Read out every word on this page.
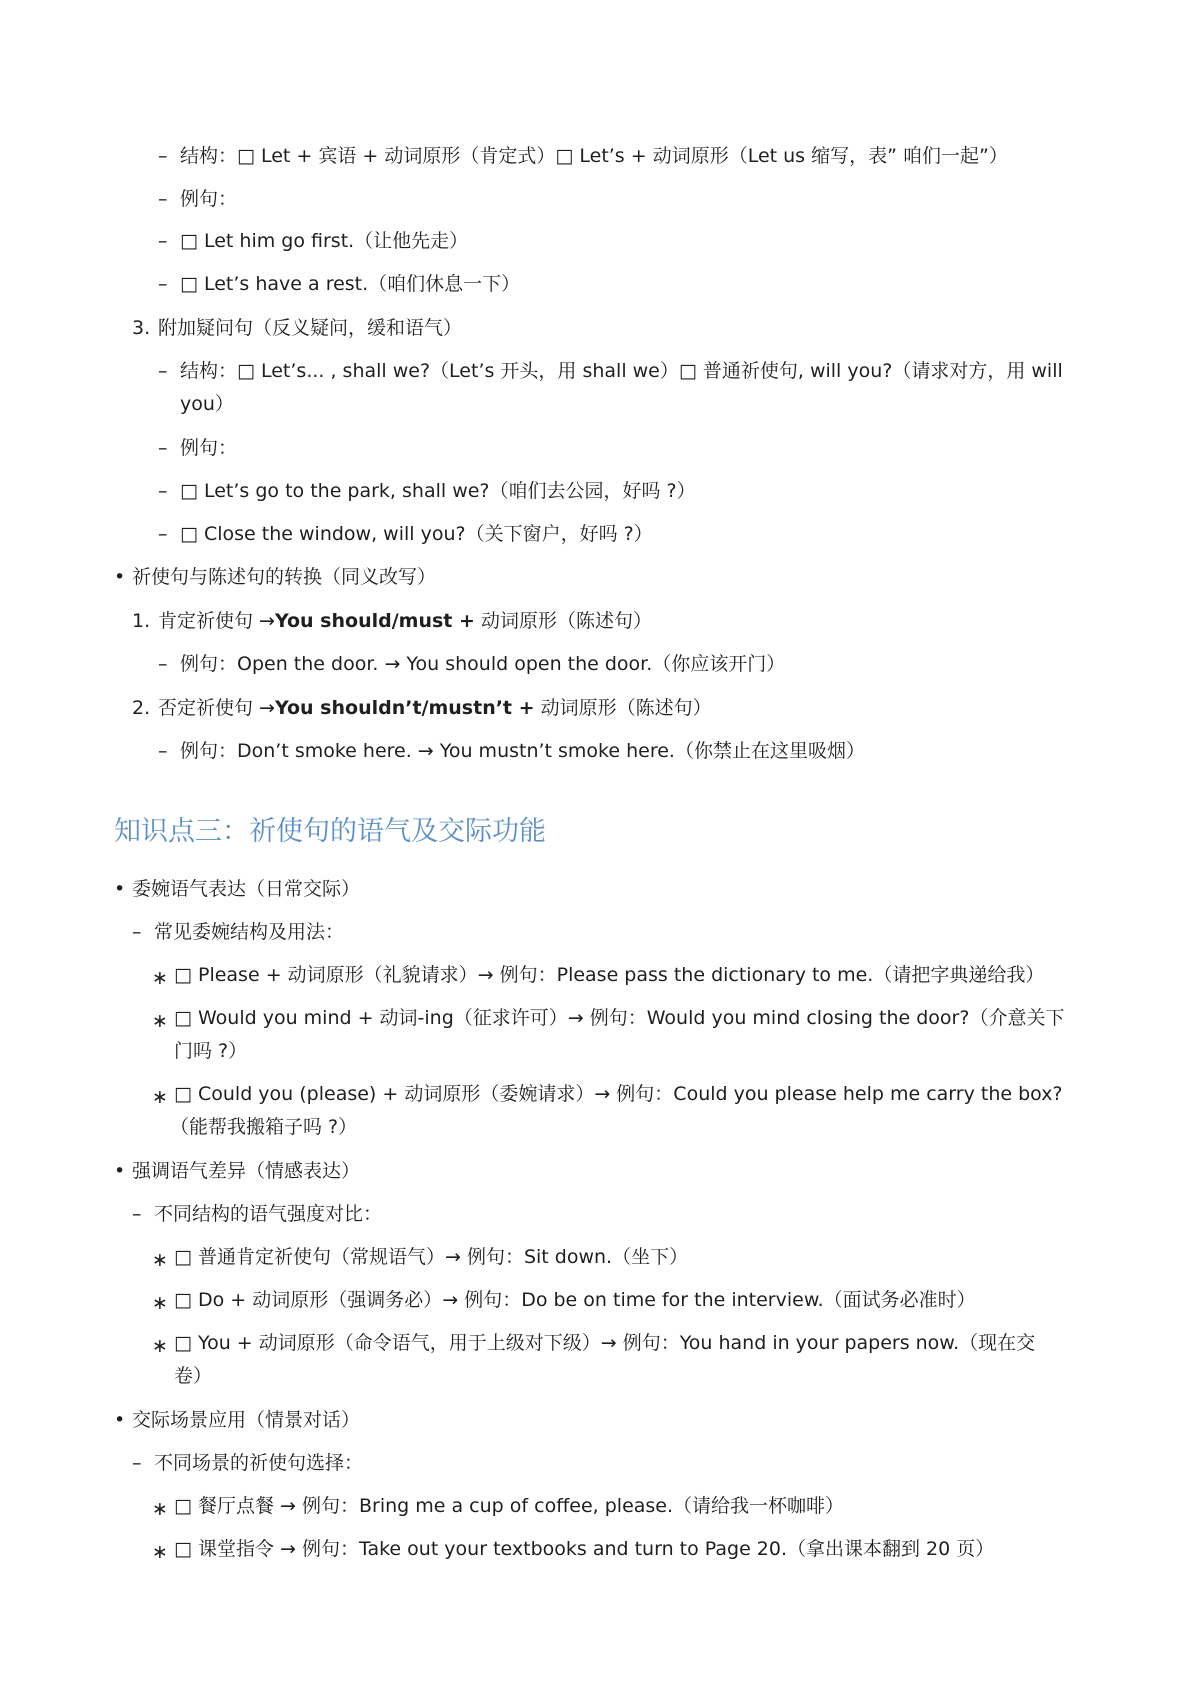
– 结构：□ Let + 宾语 + 动词原形（肯定式）□ Let’s + 动词原形（Let us 缩写，表” 咱们一起”）
– 例句：
– □ Let him go first.（让他先走）
– □ Let’s have a rest.（咱们休息一下）
3. 附加疑问句（反义疑问，缓和语气）
– 结构：□ Let’s... , shall we?（Let’s 开头，用 shall we）□ 普通祈使句, will you?（请求对方，用 will
you）
– 例句：
– □ Let’s go to the park, shall we?（咱们去公园，好吗 ?）
– □ Close the window, will you?（关下窗户，好吗 ?）
• 祈使句与陈述句的转换（同义改写）
1. 肯定祈使句 →You should/must + 动词原形（陈述句）
– 例句：Open the door. → You should open the door.（你应该开门）
2. 否定祈使句 →You shouldn’t/mustn’t + 动词原形（陈述句）
– 例句：Don’t smoke here. → You mustn’t smoke here.（你禁止在这里吸烟）
知识点三：祈使句的语气及交际功能
• 委婉语气表达（日常交际）
– 常见委婉结构及用法：
∗ □ Please + 动词原形（礼貌请求）→ 例句：Please pass the dictionary to me.（请把字典递给我）
∗ □ Would you mind + 动词-ing（征求许可）→ 例句：Would you mind closing the door?（介意关下
门吗 ?）
∗ □ Could you (please) + 动词原形（委婉请求）→ 例句：Could you please help me carry the box?
（能帮我搬箱子吗 ?）
• 强调语气差异（情感表达）
– 不同结构的语气强度对比：
∗ □ 普通肯定祈使句（常规语气）→ 例句：Sit down.（坐下）
∗ □ Do + 动词原形（强调务必）→ 例句：Do be on time for the interview.（面试务必准时）
∗ □ You + 动词原形（命令语气，用于上级对下级）→ 例句：You hand in your papers now.（现在交
卷）
• 交际场景应用（情景对话）
– 不同场景的祈使句选择：
∗ □ 餐厅点餐 → 例句：Bring me a cup of coffee, please.（请给我一杯咖啡）
∗ □ 课堂指令 → 例句：Take out your textbooks and turn to Page 20.（拿出课本翻到 20 页）
